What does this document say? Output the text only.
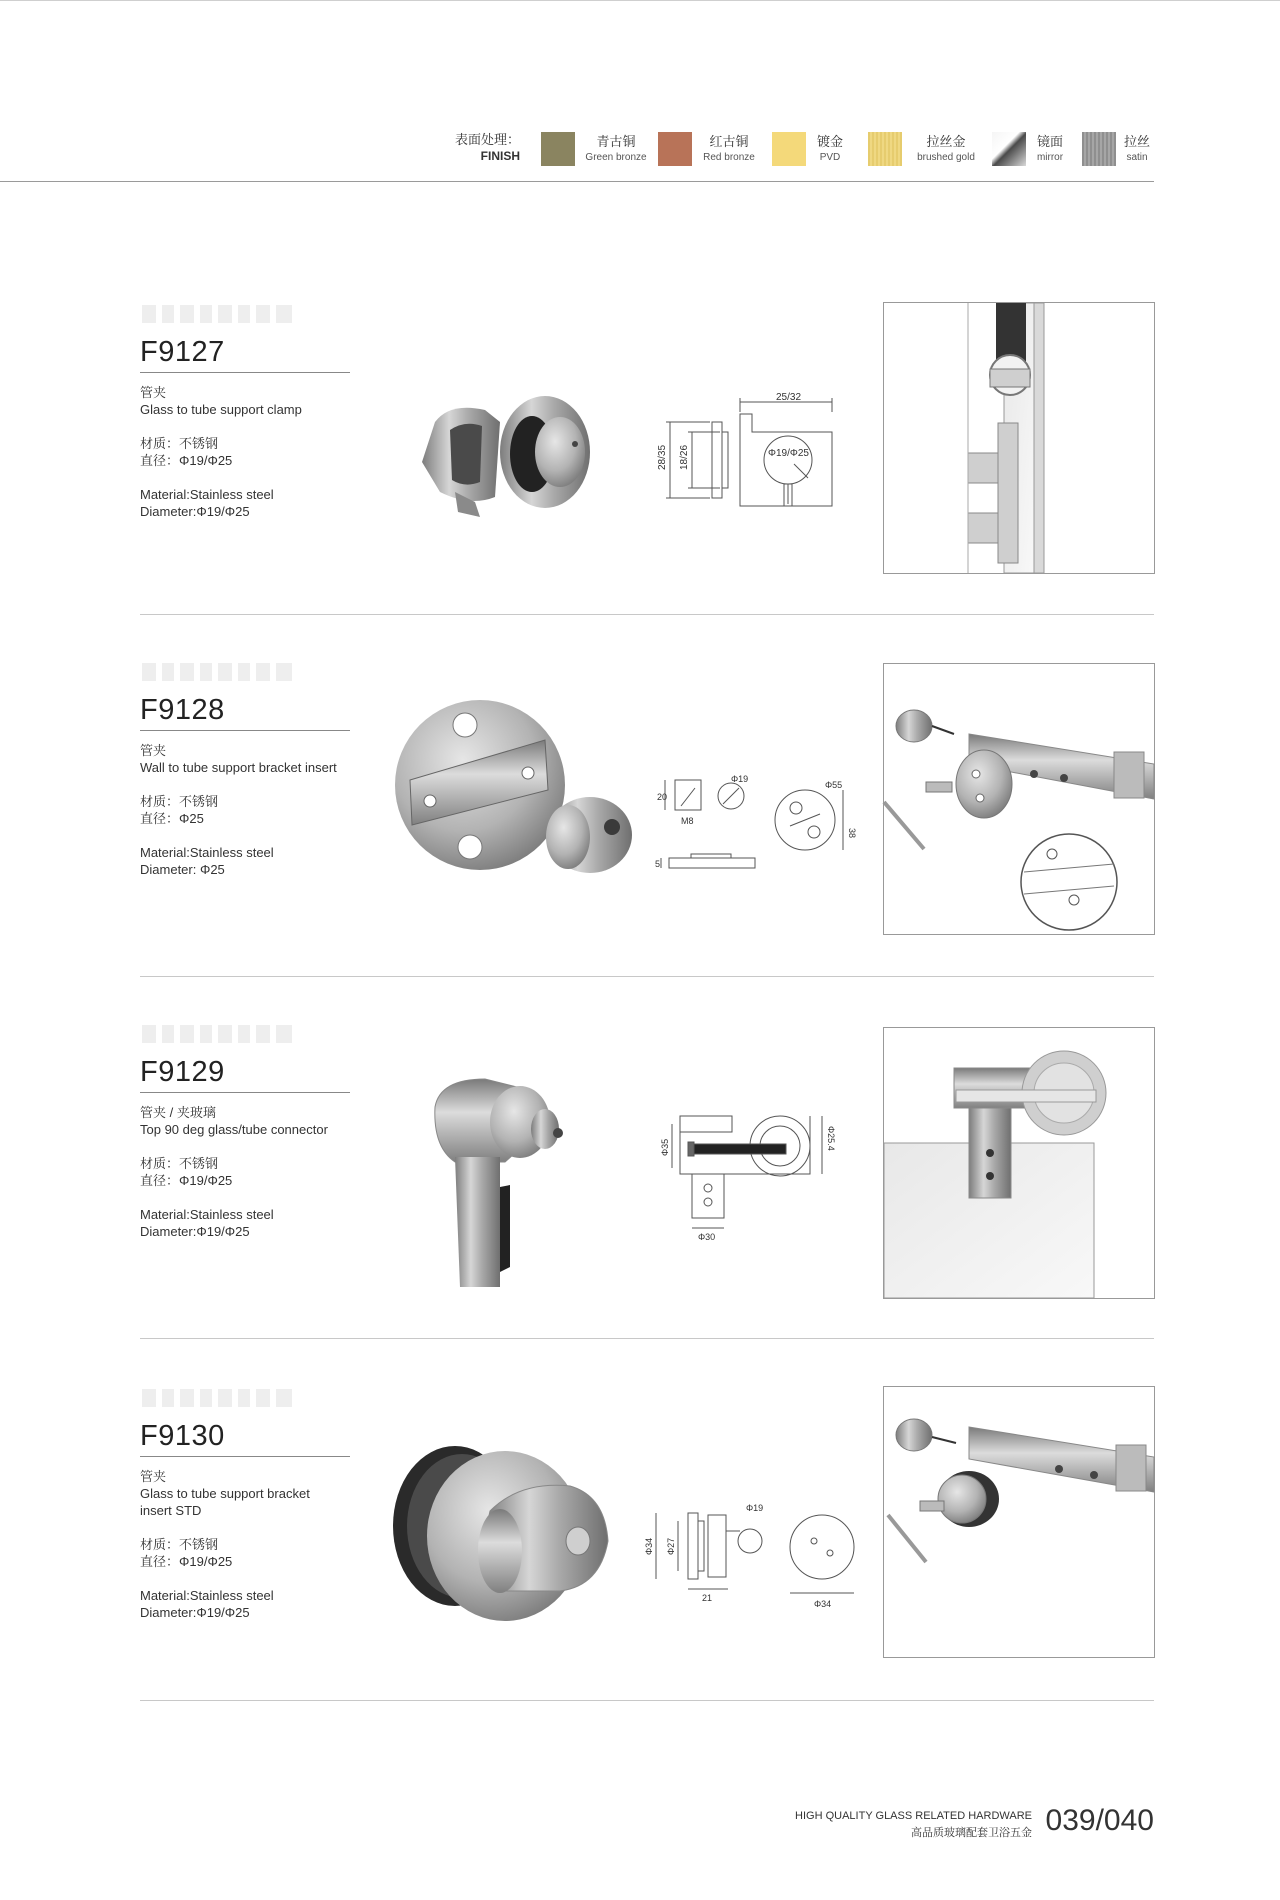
表面处理：
FINISH
青古铜
Green bronze
红古铜
Red bronze
镀金
PVD
拉丝金
brushed gold
镜面
mirror
拉丝
satin
F9127
管夹
Glass to tube support clamp
材质：不锈钢
直径：Φ19/Φ25
Material:Stainless steel
Diameter:Φ19/Φ25
25/32
28/35 18/26	Φ19/Φ25
F9128
管夹
Wall to tube support bracket insert
材质：不锈钢
直径：Φ25
Material:Stainless steel
Diameter: Φ25
20
M8
Φ19
Φ55
38
5
F9129
管夹 / 夹玻璃
Top 90 deg glass/tube connector
材质：不锈钢
直径：Φ19/Φ25
Material:Stainless steel
Diameter:Φ19/Φ25
Φ35	Φ25.4
Φ30
F9130
管夹
Glass to tube support bracket insert STD
材质：不锈钢
直径：Φ19/Φ25
Material:Stainless steel
Diameter:Φ19/Φ25
Φ34 Φ27
21
Φ19
Φ34
HIGH QUALITY GLASS RELATED HARDWARE
高品质玻璃配套卫浴五金 039/040
